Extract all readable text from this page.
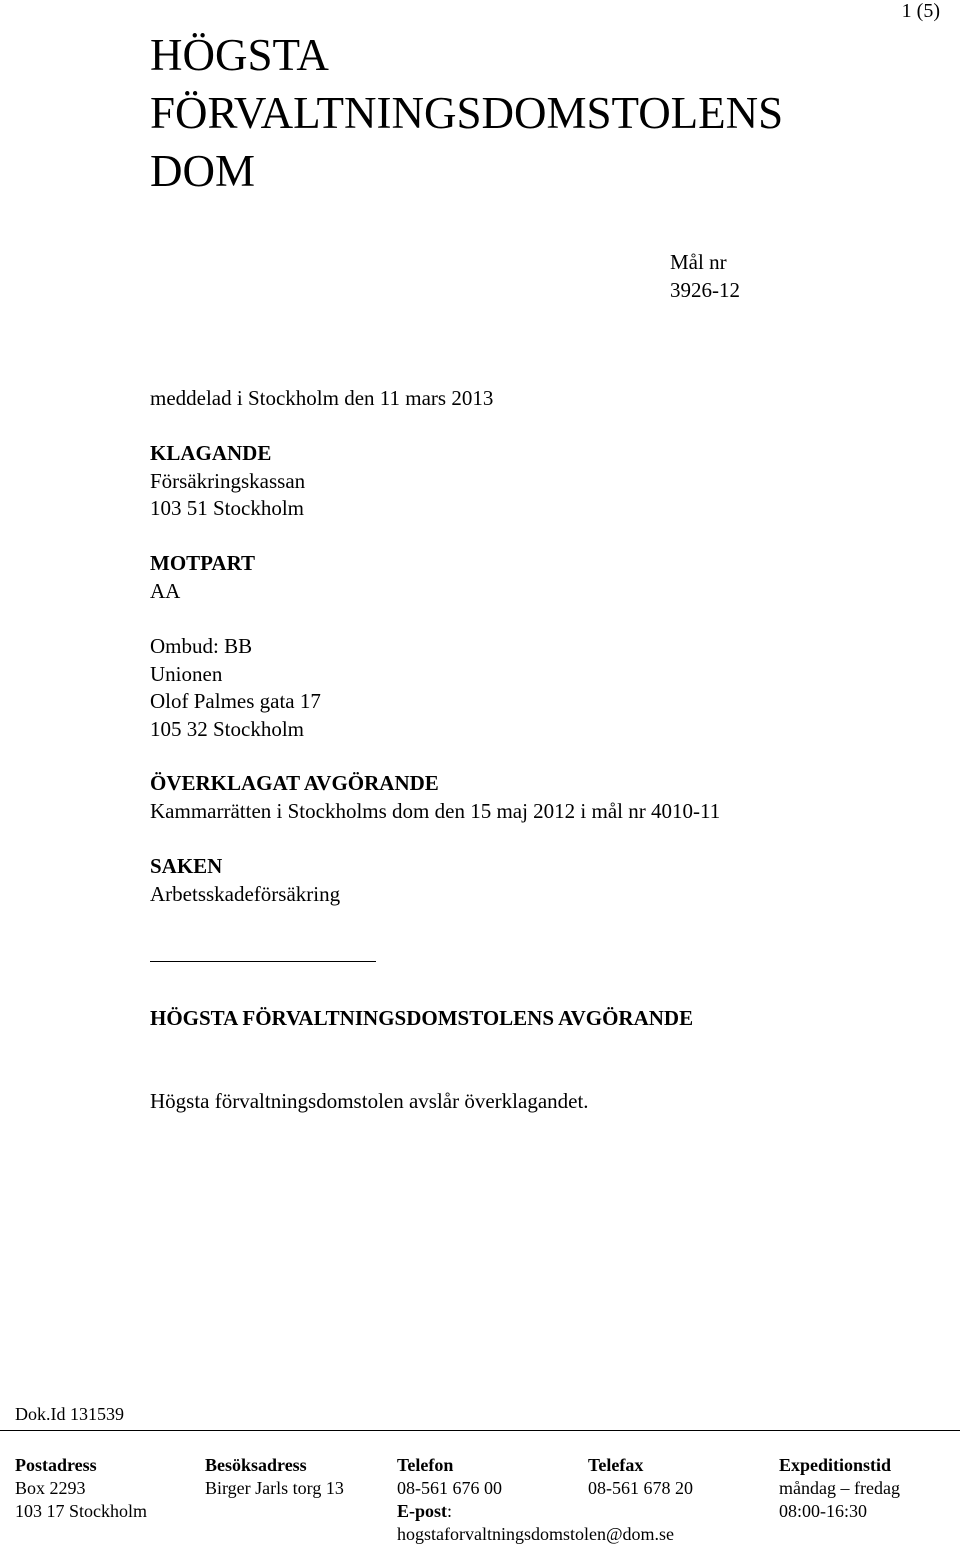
1 (5)
HÖGSTA
FÖRVALTNINGSDOMSTOLENS
DOM
Mål nr
3926-12
meddelad i Stockholm den 11 mars 2013
KLAGANDE
Försäkringskassan
103 51 Stockholm
MOTPART
AA
Ombud: BB
Unionen
Olof Palmes gata 17
105 32 Stockholm
ÖVERKLAGAT AVGÖRANDE
Kammarrätten i Stockholms dom den 15 maj 2012 i mål nr 4010-11
SAKEN
Arbetsskadeförsäkring
HÖGSTA FÖRVALTNINGSDOMSTOLENS AVGÖRANDE
Högsta förvaltningsdomstolen avslår överklagandet.
Dok.Id 131539
Postadress
Box 2293
103 17 Stockholm
Besöksadress
Birger Jarls torg 13
Telefon
08-561 676 00
E-post:
hogstaforvaltningsdomstolen@dom.se
Telefax
08-561 678 20
Expeditionstid
måndag – fredag
08:00-16:30
